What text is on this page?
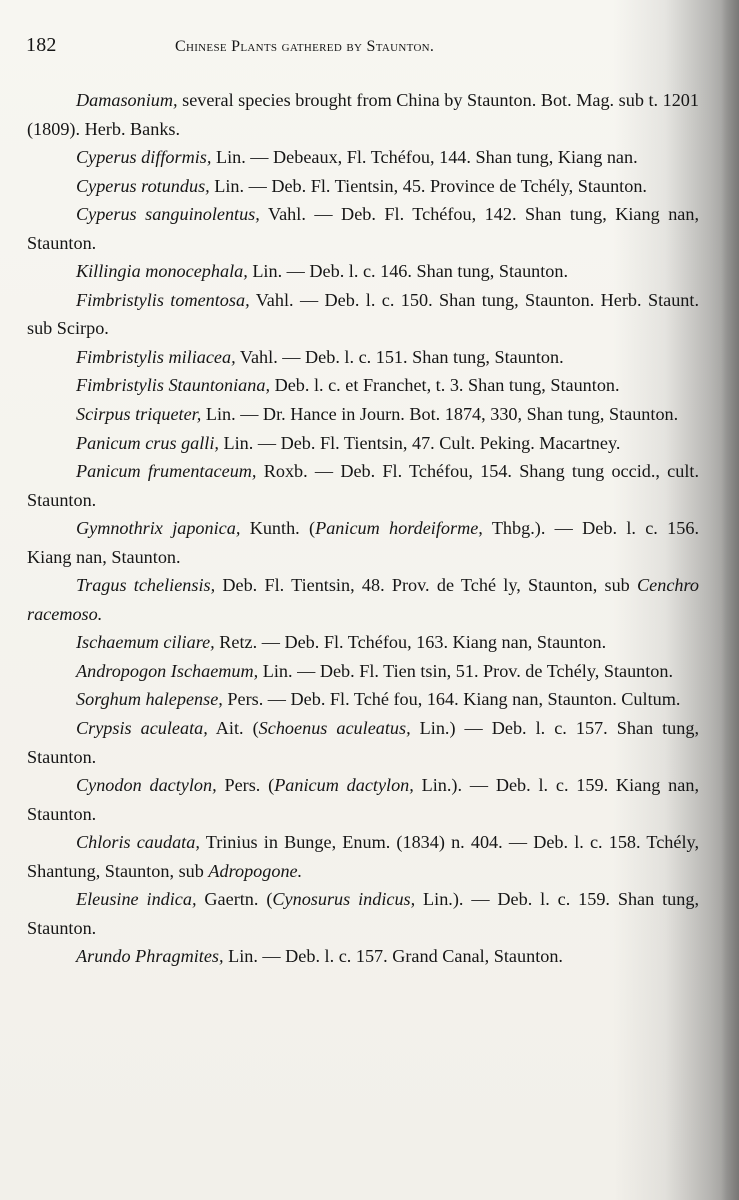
182	Chinese Plants gathered by Staunton.

Damasonium, several species brought from China by Staunton. Bot. Mag. sub t. 1201 (1809). Herb. Banks.

Cyperus difformis, Lin. — Debeaux, Fl. Tchéfou, 144. Shan tung, Kiang nan.

Cyperus rotundus, Lin. — Deb. Fl. Tientsin, 45. Province de Tchély, Staunton.

Cyperus sanguinolentus, Vahl. — Deb. Fl. Tchéfou, 142. Shan tung, Kiang nan, Staunton.

Killingia monocephala, Lin. — Deb. l. c. 146. Shan tung, Staunton.

Fimbristylis tomentosa, Vahl. — Deb. l. c. 150. Shan tung, Staunton. Herb. Staunt. sub Scirpo.

Fimbristylis miliacea, Vahl. — Deb. l. c. 151. Shan tung, Staunton.

Fimbristylis Stauntoniana, Deb. l. c. et Franchet, t. 3. Shan tung, Staunton.

Scirpus triqueter, Lin. — Dr. Hance in Journ. Bot. 1874, 330, Shan tung, Staunton.

Panicum crus galli, Lin. — Deb. Fl. Tientsin, 47. Cult. Peking. Macartney.

Panicum frumentaceum, Roxb. — Deb. Fl. Tchéfou, 154. Shang tung occid., cult. Staunton.

Gymnothrix japonica, Kunth. (Panicum hordeiforme, Thbg.). — Deb. l. c. 156. Kiang nan, Staunton.

Tragus tcheliensis, Deb. Fl. Tientsin, 48. Prov. de Tché ly, Staunton, sub Cenchro racemoso.

Ischaemum ciliare, Retz. — Deb. Fl. Tchéfou, 163. Kiang nan, Staunton.

Andropogon Ischaemum, Lin. — Deb. Fl. Tien tsin, 51. Prov. de Tchély, Staunton.

Sorghum halepense, Pers. — Deb. Fl. Tché fou, 164. Kiang nan, Staunton. Cultum.

Crypsis aculeata, Ait. (Schoenus aculeatus, Lin.) — Deb. l. c. 157. Shan tung, Staunton.

Cynodon dactylon, Pers. (Panicum dactylon, Lin.). — Deb. l. c. 159. Kiang nan, Staunton.

Chloris caudata, Trinius in Bunge, Enum. (1834) n. 404. — Deb. l. c. 158. Tchély, Shantung, Staunton, sub Adropogone.

Eleusine indica, Gaertn. (Cynosurus indicus, Lin.). — Deb. l. c. 159. Shan tung, Staunton.

Arundo Phragmites, Lin. — Deb. l. c. 157. Grand Canal, Staunton.
